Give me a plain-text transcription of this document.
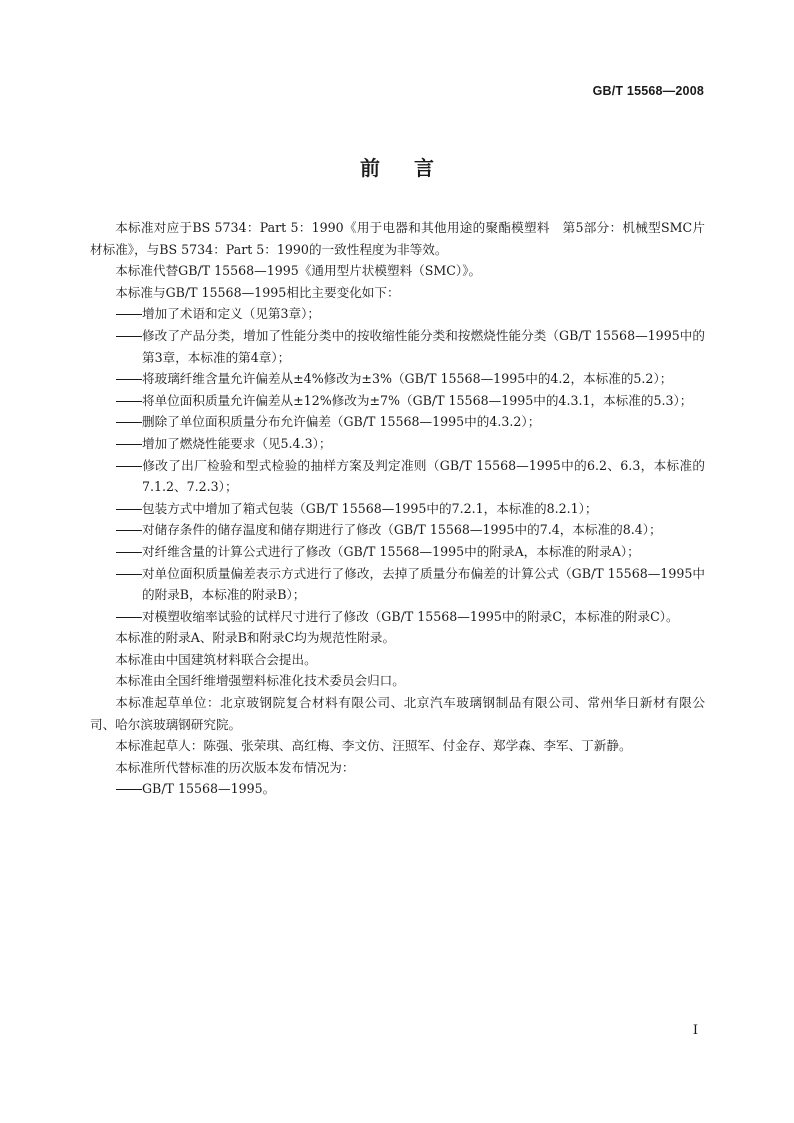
GB/T 15568—2008
前言

本标准对应于BS 5734：Part 5：1990《用于电器和其他用途的聚酯模塑料　第5部分：机械型SMC片材标准》，与BS 5734：Part 5：1990的一致性程度为非等效。

本标准代替GB/T 15568—1995《通用型片状模塑料（SMC）》。

本标准与GB/T 15568—1995相比主要变化如下：

增加了术语和定义（见第3章）；

修改了产品分类，增加了性能分类中的按收缩性能分类和按燃烧性能分类（GB/T 15568—1995中的第3章，本标准的第4章）；

将玻璃纤维含量允许偏差从±4%修改为±3%（GB/T 15568—1995中的4.2，本标准的5.2）；

将单位面积质量允许偏差从±12%修改为±7%（GB/T 15568—1995中的4.3.1，本标准的5.3）；

删除了单位面积质量分布允许偏差（GB/T 15568—1995中的4.3.2）；

增加了燃烧性能要求（见5.4.3）；

修改了出厂检验和型式检验的抽样方案及判定准则（GB/T 15568—1995中的6.2、6.3，本标准的7.1.2、7.2.3）；

包装方式中增加了箱式包装（GB/T 15568—1995中的7.2.1，本标准的8.2.1）；

对储存条件的储存温度和储存期进行了修改（GB/T 15568—1995中的7.4，本标准的8.4）；

对纤维含量的计算公式进行了修改（GB/T 15568—1995中的附录A，本标准的附录A）；

对单位面积质量偏差表示方式进行了修改，去掉了质量分布偏差的计算公式（GB/T 15568—1995中的附录B，本标准的附录B）；

对模塑收缩率试验的试样尺寸进行了修改（GB/T 15568—1995中的附录C，本标准的附录C）。

本标准的附录A、附录B和附录C均为规范性附录。

本标准由中国建筑材料联合会提出。

本标准由全国纤维增强塑料标准化技术委员会归口。

本标准起草单位：北京玻钢院复合材料有限公司、北京汽车玻璃钢制品有限公司、常州华日新材有限公司、哈尔滨玻璃钢研究院。

本标准起草人：陈强、张荣琪、高红梅、李文仿、汪照军、付金存、郑学森、李军、丁新静。

本标准所代替标准的历次版本发布情况为：

GB/T 15568—1995。

I
